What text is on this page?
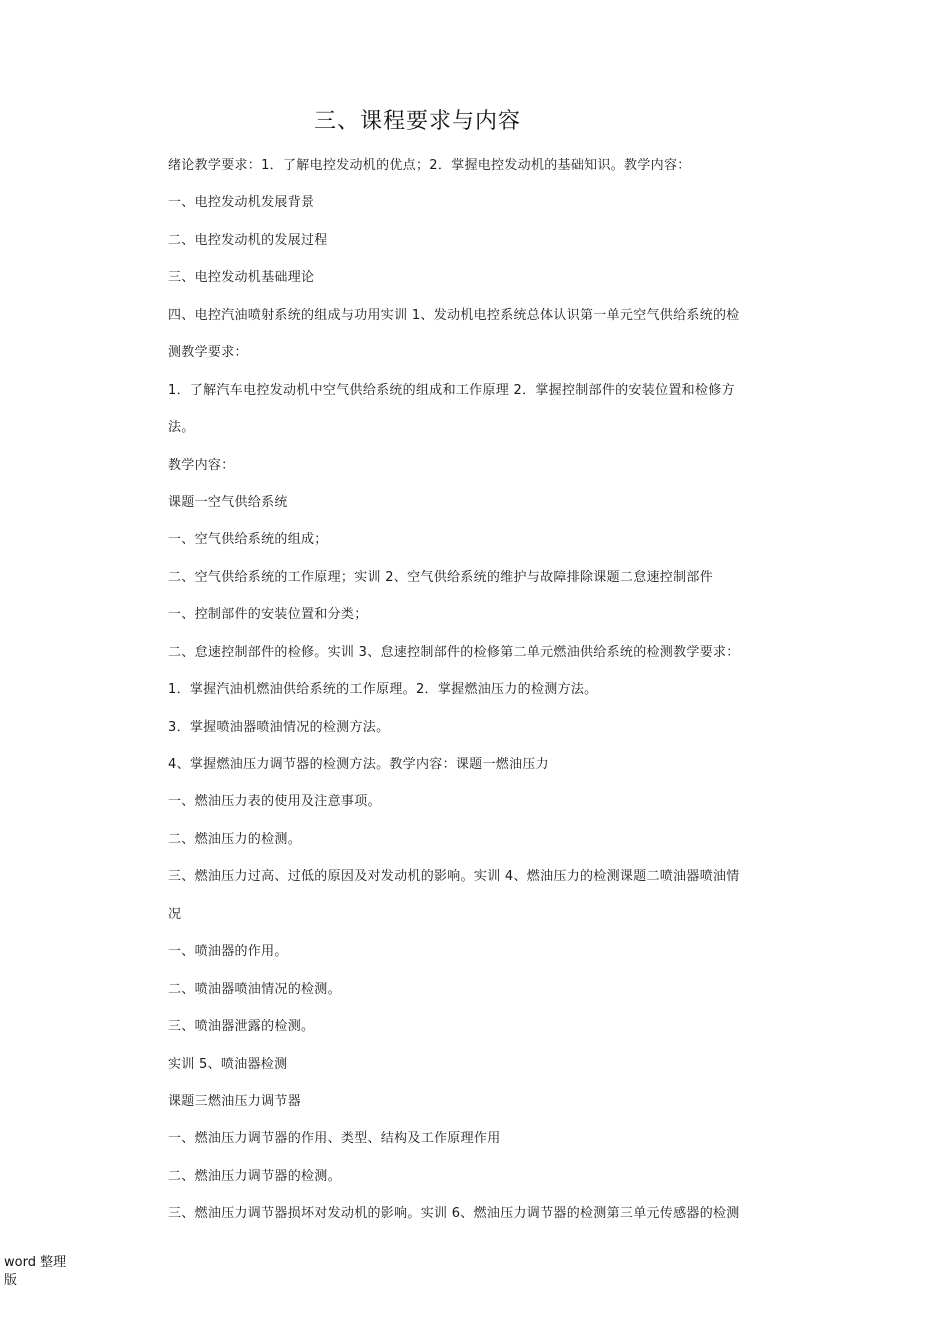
三、课程要求与内容
绪论教学要求：1．了解电控发动机的优点；2．掌握电控发动机的基础知识。教学内容：
一、电控发动机发展背景
二、电控发动机的发展过程
三、电控发动机基础理论
四、电控汽油喷射系统的组成与功用实训 1、发动机电控系统总体认识第一单元空气供给系统的检
测教学要求：
1．了解汽车电控发动机中空气供给系统的组成和工作原理 2．掌握控制部件的安装位置和检修方
法。
教学内容：
课题一空气供给系统
一、空气供给系统的组成；
二、空气供给系统的工作原理；实训 2、空气供给系统的维护与故障排除课题二怠速控制部件
一、控制部件的安装位置和分类；
二、怠速控制部件的检修。实训 3、怠速控制部件的检修第二单元燃油供给系统的检测教学要求：
1．掌握汽油机燃油供给系统的工作原理。2．掌握燃油压力的检测方法。
3．掌握喷油器喷油情况的检测方法。
4、掌握燃油压力调节器的检测方法。教学内容：课题一燃油压力
一、燃油压力表的使用及注意事项。
二、燃油压力的检测。
三、燃油压力过高、过低的原因及对发动机的影响。实训 4、燃油压力的检测课题二喷油器喷油情
况
一、喷油器的作用。
二、喷油器喷油情况的检测。
三、喷油器泄露的检测。
实训 5、喷油器检测
课题三燃油压力调节器
一、燃油压力调节器的作用、类型、结构及工作原理作用
二、燃油压力调节器的检测。
三、燃油压力调节器损坏对发动机的影响。实训 6、燃油压力调节器的检测第三单元传感器的检测
word 整理版
